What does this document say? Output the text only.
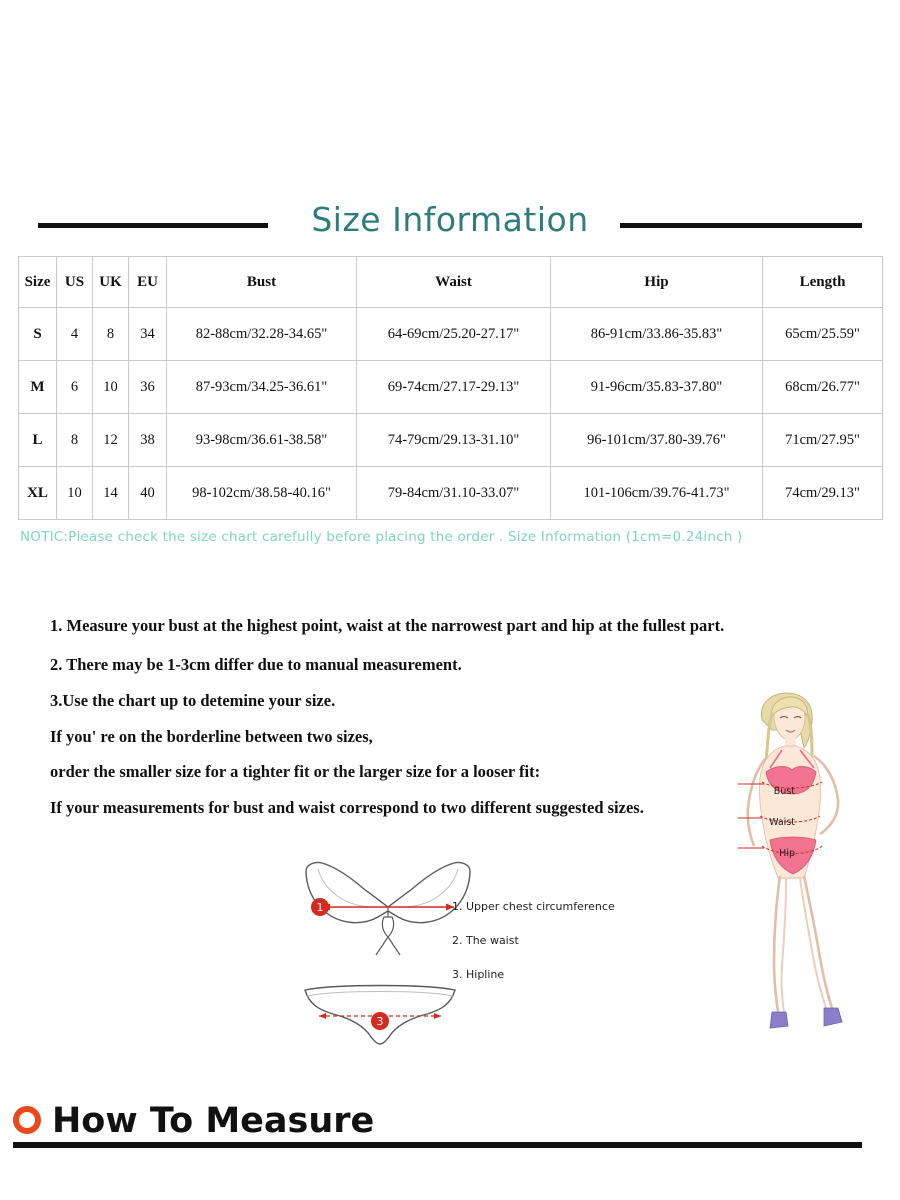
Size Information
Size	US	UK	EU	Bust	Waist	Hip	Length
S	4	8	34	82-88cm/32.28-34.65"	64-69cm/25.20-27.17"	86-91cm/33.86-35.83"	65cm/25.59"
M	6	10	36	87-93cm/34.25-36.61"	69-74cm/27.17-29.13"	91-96cm/35.83-37.80"	68cm/26.77"
L	8	12	38	93-98cm/36.61-38.58"	74-79cm/29.13-31.10"	96-101cm/37.80-39.76"	71cm/27.95"
XL	10	14	40	98-102cm/38.58-40.16"	79-84cm/31.10-33.07"	101-106cm/39.76-41.73"	74cm/29.13"
NOTIC:Please check the size chart carefully before placing the order . Size Information (1cm=0.24inch )
How To Measure
1. Measure your bust at the highest point, waist at the narrowest part and hip at the fullest part.
2. There may be 1-3cm differ due to manual measurement.
3.Use the chart up to detemine your size.
If you' re on the borderline between two sizes,
order the smaller size for a tighter fit or the larger size for a looser fit:
If your measurements for bust and waist correspond to two different suggested sizes.
1
3
1. Upper chest circumference
2. The waist
3. Hipline
Bust
Waist
Hip
